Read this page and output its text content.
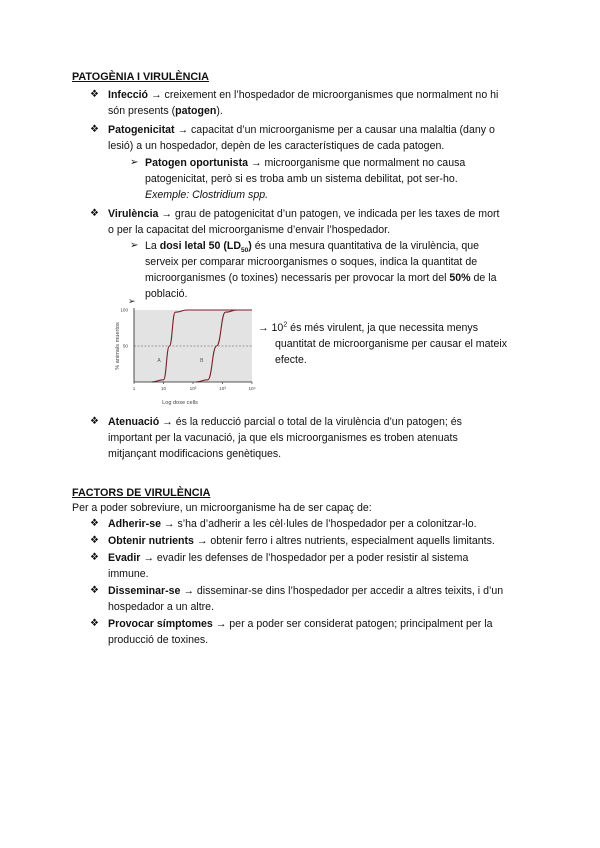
PATOGÈNIA I VIRULÈNCIA
❖ Infecció → creixement en l’hospedador de microorganismes que normalment no hi
són presents (patogen).
❖ Patogenicitat → capacitat d’un microorganisme per a causar una malaltia (dany o
lesió) a un hospedador, depèn de les característiques de cada patogen.
➢ Patogen oportunista → microorganisme que normalment no causa
patogenicitat, però si es troba amb un sistema debilitat, pot ser-ho.
Exemple: Clostridium spp.
❖ Virulència → grau de patogenicitat d’un patogen, ve indicada per les taxes de mort
o per la capacitat del microorganisme d’envair l’hospedador.
➢ La dosi letal 50 $(LD_{50})$ és una mesura quantitativa de la virulència, que
serveix per comparar microorganismes o soques, indica la quantitat de
microorganismes (o toxines) necessaris per provocar la mort del 50% de la
població.
➢
1	10	10²	10³	10⁴
50
100
A	B
% animals muertos
Log dose cells
→ $10^2$ és més virulent, ja que necessita menys
quantitat de microorganisme per causar el mateix
efecte.
❖ Atenuació → és la reducció parcial o total de la virulència d’un patogen; és
important per la vacunació, ja que els microorganismes es troben atenuats
mitjançant modificacions genètiques.
FACTORS DE VIRULÈNCIA
Per a poder sobreviure, un microorganisme ha de ser capaç de:
❖ Adherir-se → s’ha d’adherir a les cèl·lules de l’hospedador per a colonitzar-lo.
❖ Obtenir nutrients → obtenir ferro i altres nutrients, especialment aquells limitants.
❖ Evadir → evadir les defenses de l’hospedador per a poder resistir al sistema
immune.
❖ Disseminar-se → disseminar-se dins l’hospedador per accedir a altres teixits, i d’un
hospedador a un altre.
❖ Provocar símptomes → per a poder ser considerat patogen; principalment per la
producció de toxines.
